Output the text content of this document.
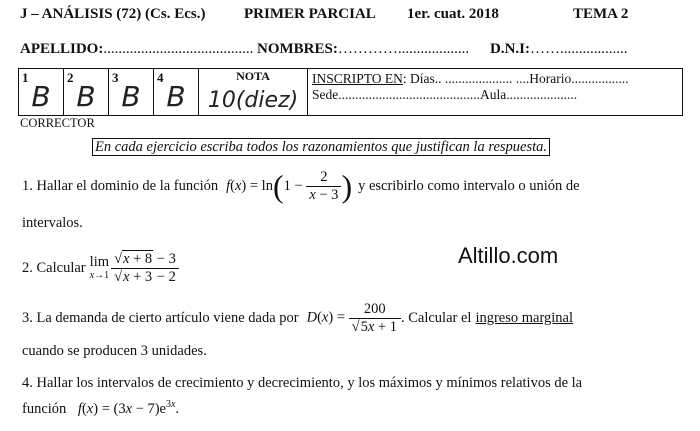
J – ANÁLISIS (72) (Cs. Ecs.)	PRIMER PARCIAL 1er. cuat. 2018	TEMA 2
APELLIDO:........................................ NOMBRES:…………................... D.N.I:……..................
1
B

2
B

3
B

4
B

NOTA
10(diez)

INSCRIPTO EN: Días.. .................... ....Horario.................
Sede..........................................Aula.....................
CORRECTOR
En cada ejercicio escriba todos los razonamientos que justifican la respuesta.
1. Hallar el dominio de la función $f(x) = \ln(1 - \frac{2}{x - 3}$ ) y escribirlo como intervalo o unión de
intervalos.
2. Calcular lim
$x\to 1 \frac{√x + 8 - 3}{√x + 3 - 2}$	Altillo.com
3. La demanda de cierto artículo viene dada por $D(x) = \frac{200}{√5x + 1}$ . Calcular el ingreso marginal
cuando se producen 3 unidades.
4. Hallar los intervalos de crecimiento y decrecimiento, y los máximos y mínimos relativos de la
función $f(x) = (3x - 7)e^{3x}$.
